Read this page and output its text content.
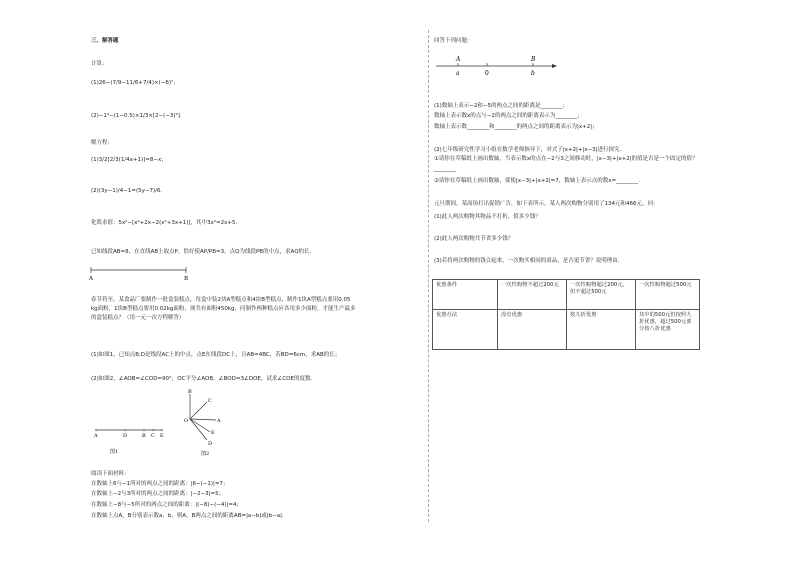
三、解答题
计算：
(1)26−(7/9−11/6+7/4)×(−6)²；
(2)−1⁴−(1−0.5)×1/3×[2−(−3)²].
解方程：
(1)3/2[2/3(1/4x+1)]=8−x；
(2)(3y−1)/4−1=(5y−7)/6.
化简求值：5x²−[x²+2x−2(x²+3x+1)]，其中3x²=2x+5.
已知线段AB=8，在直线AB上取点P，恰好使AP/PB=3，点Q为线段PB的中点，求AQ的长.
A	B
春节将至，某食品厂要制作一批盒装糕点，每盒中装2块A型糕点和4块B型糕点，制作1块A型糕点要用0.05
kg面粉，1块B型糕点要用0.02kg面粉，现共有面粉450kg，问制作两种糕点应各用多少面粉，才能生产最多
的盒装糕点？（用一元一次方程解答）
(1)如图1，已知点B,D是线段AC上的中点，点E在线段DC上，且AB=4BC，若BD=6cm，求AB的长；
(2)如图2，∠AOB=∠COD=90°，OC平分∠AOB，∠BOD=3∠DOE，试求∠COE的度数.
A	D	B C E
图1
B
C
O	A
E
D
图2
阅读下面材料：
在数轴上6与−1所对的两点之间的距离：|6−(−1)|=7；
在数轴上−2与3所对的两点之间的距离：|−2−3|=5；
在数轴上−8与−5所对的两点之间的距离：|(−8)−(−4)|=4；
在数轴上点A，B分别表示数a，b，则A，B两点之间的距离AB=|a−b|或|b−a|.
回答下列问题：
A	B
a	0	b
(1)数轴上表示−2和−5的两点之间的距离是________；
数轴上表示数x的点与−2的两点之间的距离表示为________；
数轴上表示数________和________的两点之间的距离表示为|x+2|；
(2)七年级研究性学习小组在数学老师指导下，对式子|x+2|+|x−3|进行探究.
①请你在草稿纸上画出数轴，当表示数x的点在−2与3之间移动时，|x−3|+|x+2|的值是否是一个固定的值？
________
②请你在草稿纸上画出数轴，要使|x−3|+|x+2|=7，数轴上表示点的数x=________.
元旦期间，某商场打出促销广告，如下表所示，某人两次购物分别用了134元和466元，问：
(1)此人两次购物其物品不打折，值多少钱？
(2)此人两次购物共节省多少钱？
(3)若将两次购物的钱合起来，一次购买相同的商品，是否更节省？说明理由.
优惠条件	一次性购物不超过200元	一次性购物超过200元，但不超过500元	一次性购物超过500元
优惠办法	没有优惠	按九折优惠	其中的500元仍按照九折优惠，超过500元部分按八折优惠
